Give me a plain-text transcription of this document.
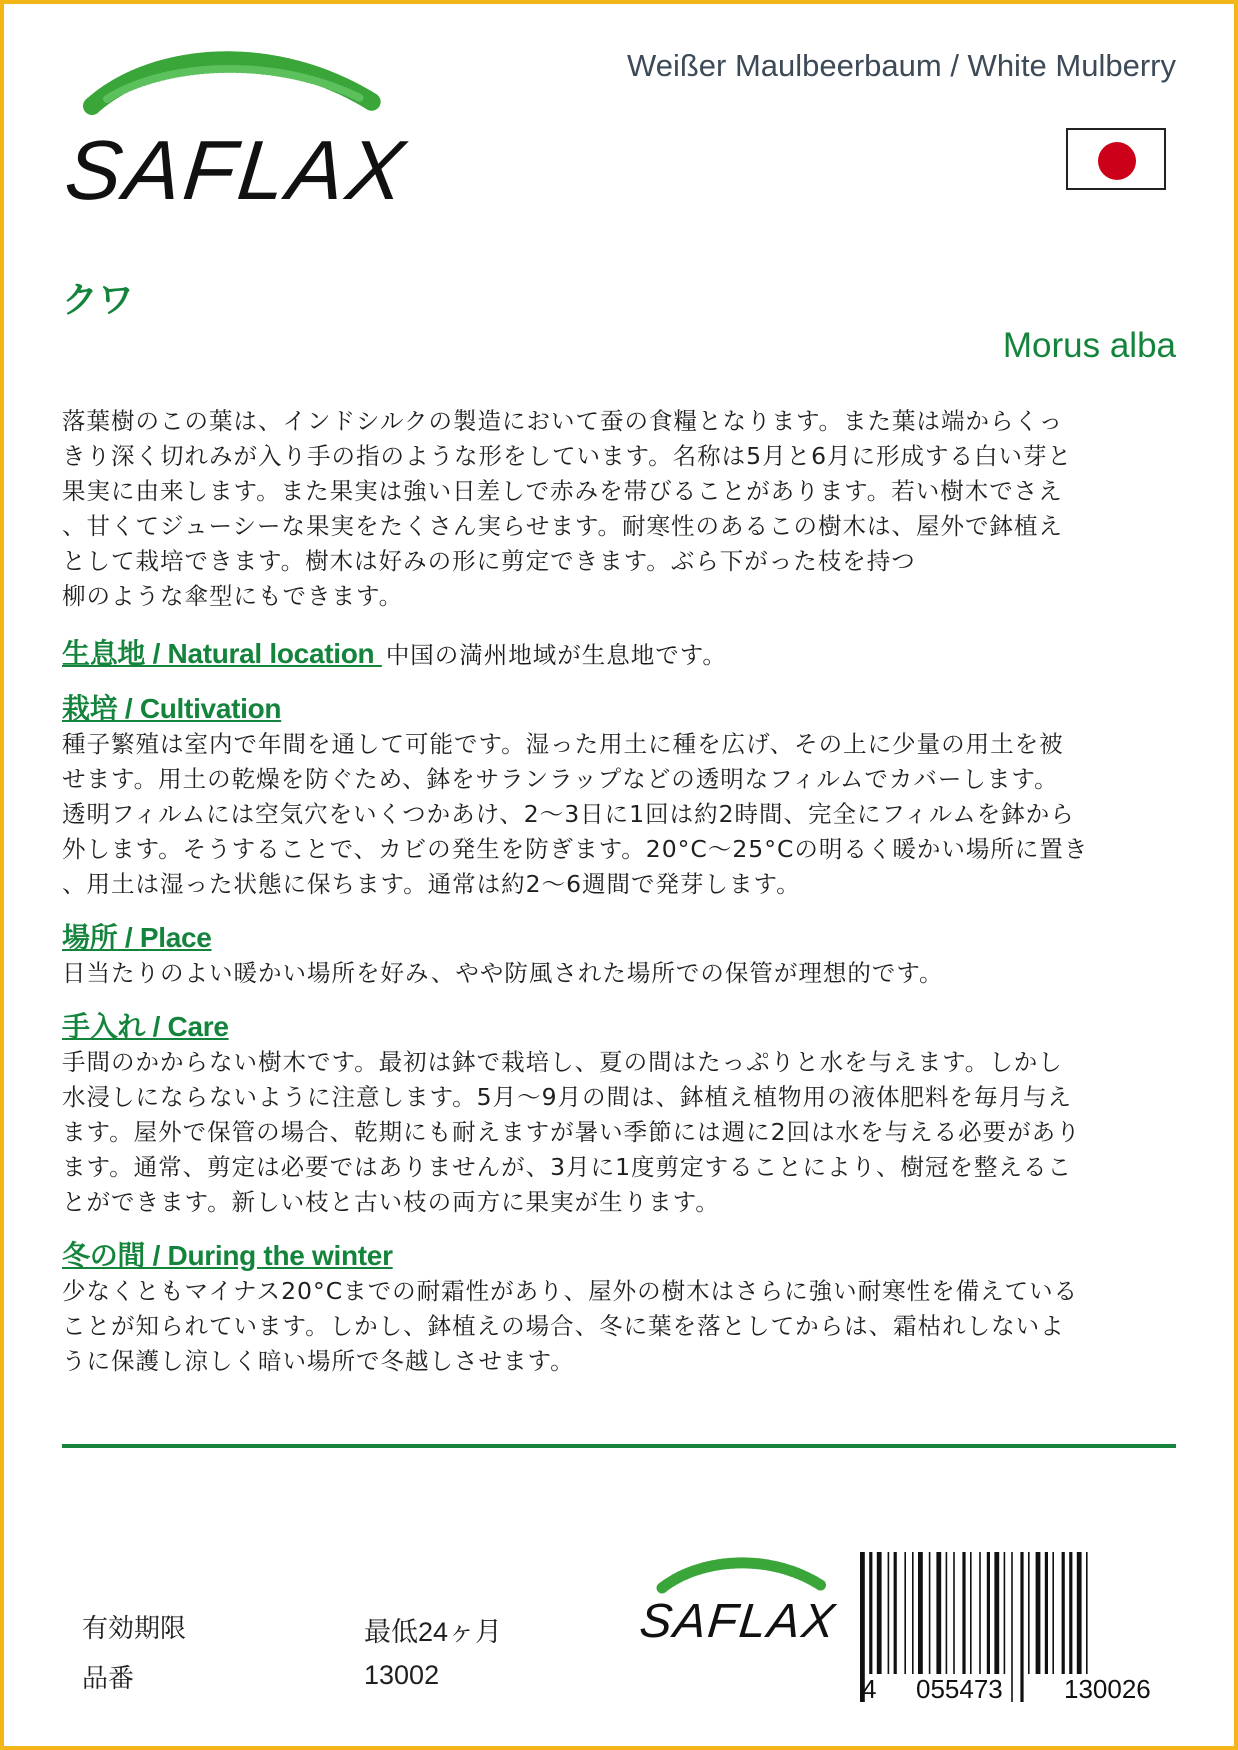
SAFLAX
Weißer Maulbeerbaum / White Mulberry
クワ
Morus alba
落葉樹のこの葉は、インドシルクの製造において蚕の食糧となります。また葉は端からくっ
きり深く切れみが入り手の指のような形をしています。名称は5月と6月に形成する白い芽と
果実に由来します。また果実は強い日差しで赤みを帯びることがあります。若い樹木でさえ
、甘くてジューシーな果実をたくさん実らせます。耐寒性のあるこの樹木は、屋外で鉢植え
として栽培できます。樹木は好みの形に剪定できます。ぶら下がった枝を持つ
柳のような傘型にもできます。
生息地 / Natural location 中国の満州地域が生息地です。
栽培 / Cultivation
種子繁殖は室内で年間を通して可能です。湿った用土に種を広げ、その上に少量の用土を被
せます。用土の乾燥を防ぐため、鉢をサランラップなどの透明なフィルムでカバーします。
透明フィルムには空気穴をいくつかあけ、2～3日に1回は約2時間、完全にフィルムを鉢から
外します。そうすることで、カビの発生を防ぎます。20°C〜25°Cの明るく暖かい場所に置き
、用土は湿った状態に保ちます。通常は約2～6週間で発芽します。
場所 / Place
日当たりのよい暖かい場所を好み、やや防風された場所での保管が理想的です。
手入れ / Care
手間のかからない樹木です。最初は鉢で栽培し、夏の間はたっぷりと水を与えます。しかし
水浸しにならないように注意します。5月～9月の間は、鉢植え植物用の液体肥料を毎月与え
ます。屋外で保管の場合、乾期にも耐えますが暑い季節には週に2回は水を与える必要があり
ます。通常、剪定は必要ではありませんが、3月に1度剪定することにより、樹冠を整えるこ
とができます。新しい枝と古い枝の両方に果実が生ります。
冬の間 / During the winter
少なくともマイナス20°Cまでの耐霜性があり、屋外の樹木はさらに強い耐寒性を備えている
ことが知られています。しかし、鉢植えの場合、冬に葉を落としてからは、霜枯れしないよ
うに保護し涼しく暗い場所で冬越しさせます。
有効期限	最低24ヶ月
品番	13002
SAFLAX
4 055473 130026
